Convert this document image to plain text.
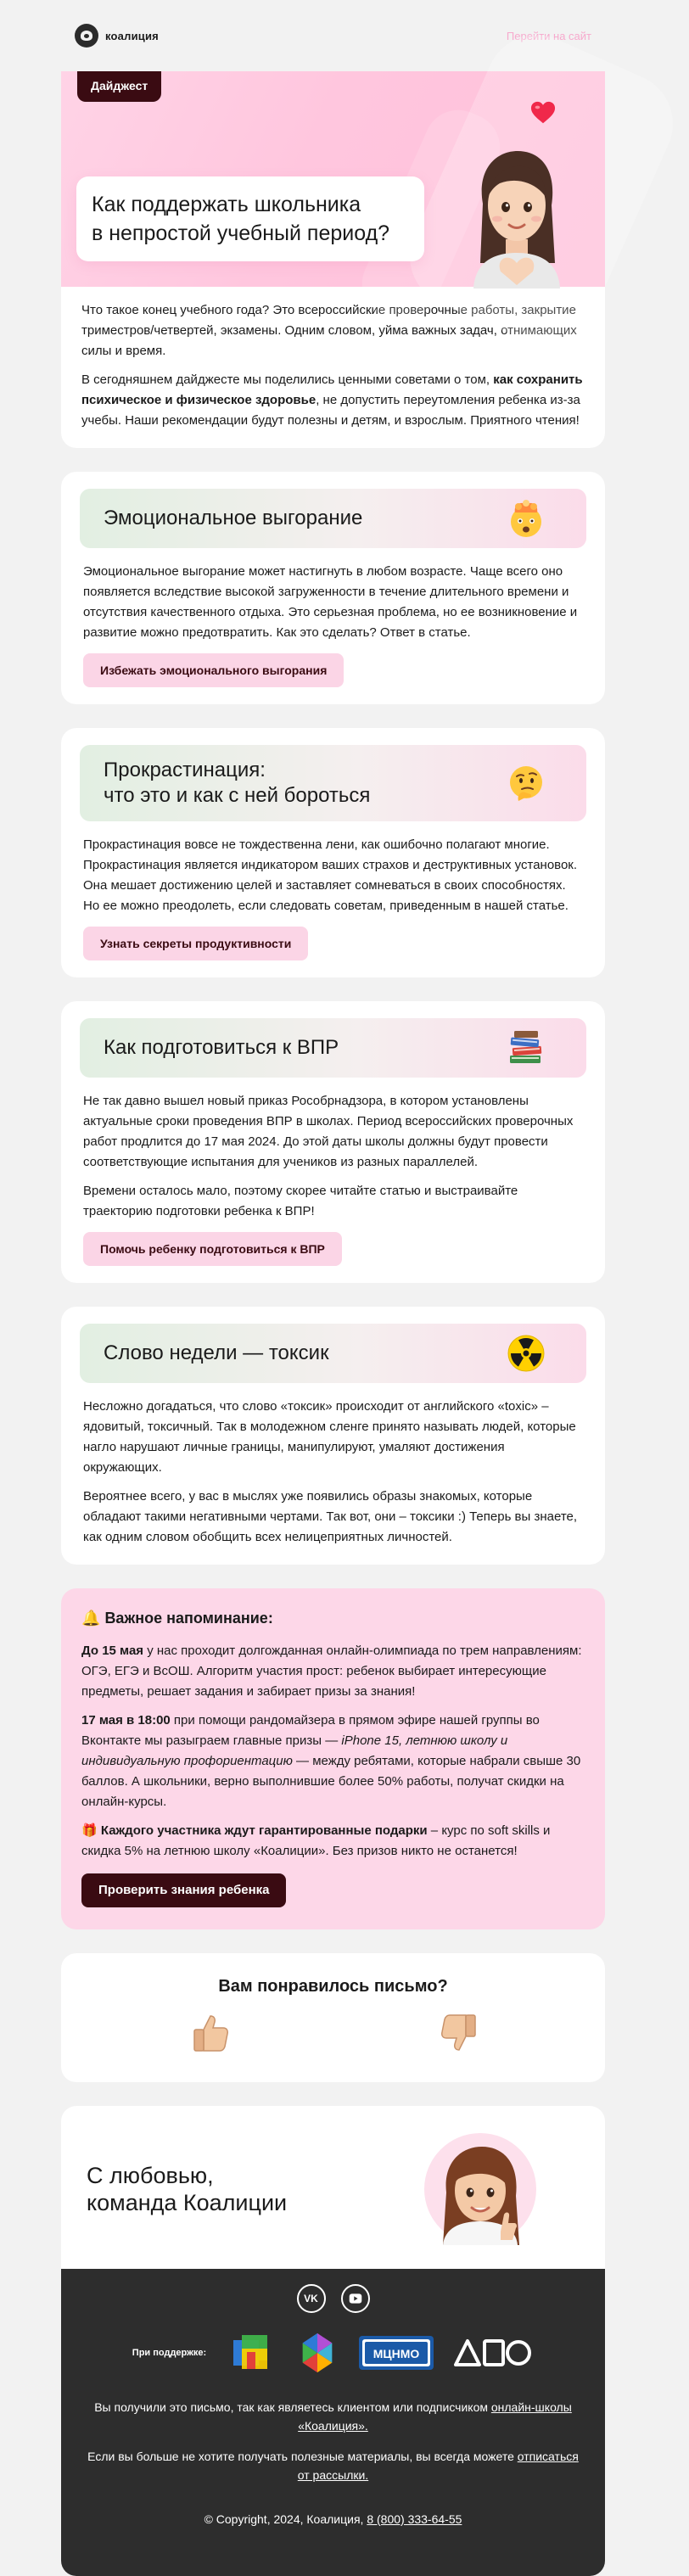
коалиция	Перейти на сайт
Дайджест
Как поддержать школьника
в непростой учебный период?

Что такое конец учебного года? Это всероссийские проверочные работы, закрытие триместров/четвертей, экзамены. Одним словом, уйма важных задач, отнимающих силы и время.

В сегодняшнем дайджесте мы поделились ценными советами о том, как сохранить психическое и физическое здоровье, не допустить переутомления ребенка из-за учебы. Наши рекомендации будут полезны и детям, и взрослым. Приятного чтения!

Эмоциональное выгорание

Эмоциональное выгорание может настигнуть в любом возрасте. Чаще всего оно появляется вследствие высокой загруженности в течение длительного времени и отсутствия качественного отдыха. Это серьезная проблема, но ее возникновение и развитие можно предотвратить. Как это сделать? Ответ в статье.

Избежать эмоционального выгорания
Прокрастинация:
что это и как с ней бороться

Прокрастинация вовсе не тождественна лени, как ошибочно полагают многие. Прокрастинация является индикатором ваших страхов и деструктивных установок. Она мешает достижению целей и заставляет сомневаться в своих способностях. Но ее можно преодолеть, если следовать советам, приведенным в нашей статье.

Узнать секреты продуктивности
Как подготовиться к ВПР

Не так давно вышел новый приказ Рособрнадзора, в котором установлены актуальные сроки проведения ВПР в школах. Период всероссийских проверочных работ продлится до 17 мая 2024. До этой даты школы должны будут провести соответствующие испытания для учеников из разных параллелей.

Времени осталось мало, поэтому скорее читайте статью и выстраивайте траекторию подготовки ребенка к ВПР!

Помочь ребенку подготовиться к ВПР
Слово недели — токсик

Несложно догадаться, что слово «токсик» происходит от английского «toxic» – ядовитый, токсичный. Так в молодежном сленге принято называть людей, которые нагло нарушают личные границы, манипулируют, умаляют достижения окружающих.

Вероятнее всего, у вас в мыслях уже появились образы знакомых, которые обладают такими негативными чертами. Так вот, они – токсики :) Теперь вы знаете, как одним словом обобщить всех нелицеприятных личностей.

🔔 Важное напоминание:

До 15 мая у нас проходит долгожданная онлайн-олимпиада по трем направлениям: ОГЭ, ЕГЭ и ВсОШ. Алгоритм участия прост: ребенок выбирает интересующие предметы, решает задания и забирает призы за знания!

17 мая в 18:00 при помощи рандомайзера в прямом эфире нашей группы во Вконтакте мы разыграем главные призы — iPhone 15, летнюю школу и индивидуальную профориентацию — между ребятами, которые набрали свыше 30 баллов. А школьники, верно выполнившие более 50% работы, получат скидки на онлайн-курсы.

🎁 Каждого участника ждут гарантированные подарки – курс по soft skills и скидка 5% на летнюю школу «Коалиции». Без призов никто не останется!

Проверить знания ребенка
Вам понравилось письмо?
С любовью,
команда Коалиции
VK
При поддержке:	МЦНМО
ДПО

Вы получили это письмо, так как являетесь клиентом или подписчиком онлайн-школы «Коалиция».

Если вы больше не хотите получать полезные материалы, вы всегда можете отписаться от рассылки.

© Copyright, 2024, Коалиция, 8 (800) 333-64-55
